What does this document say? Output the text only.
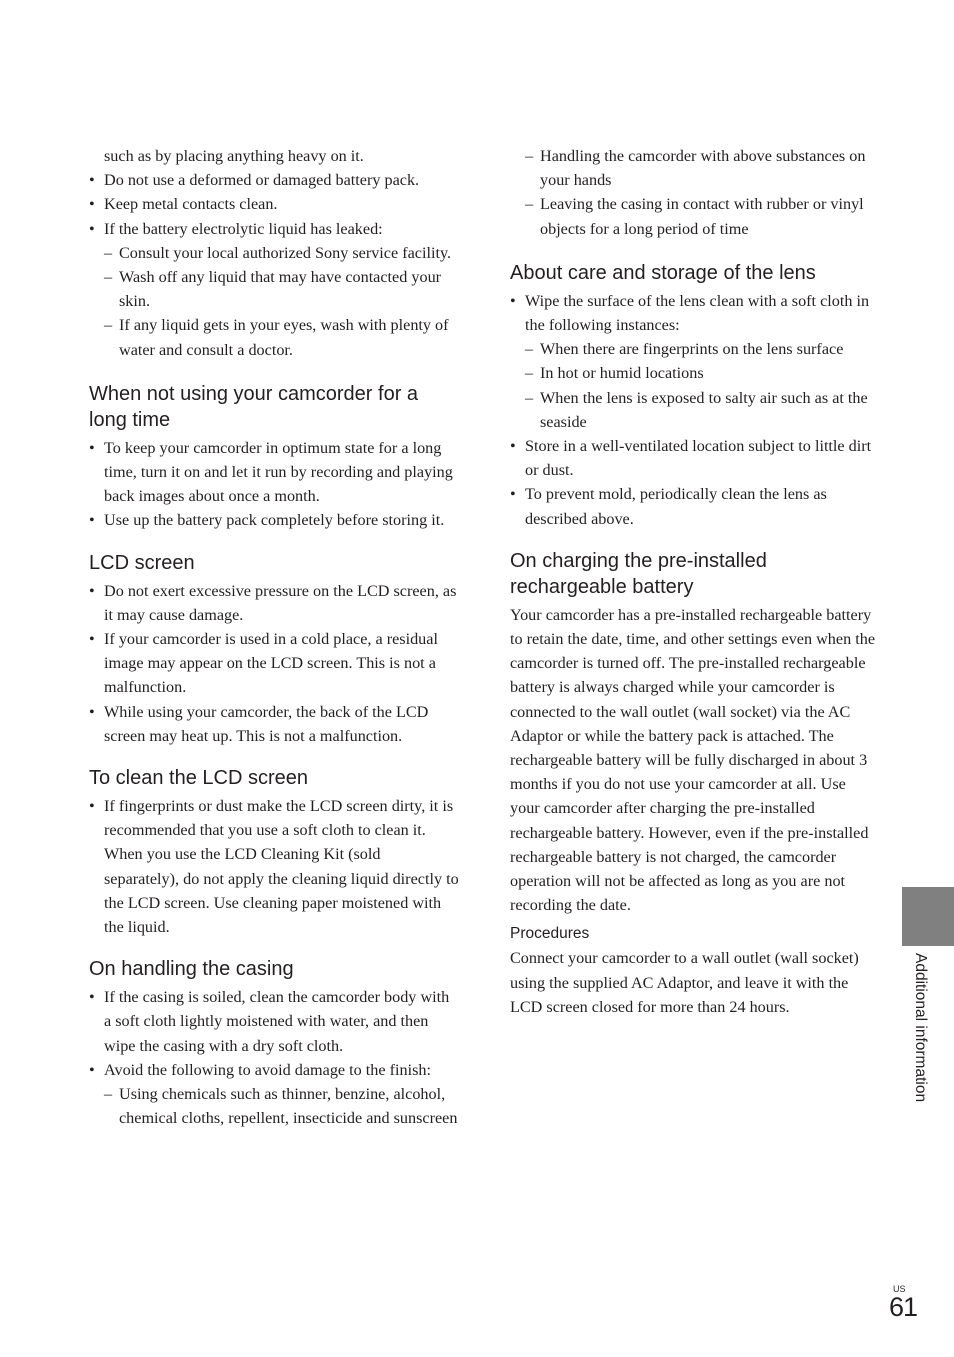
such as by placing anything heavy on it.
• Do not use a deformed or damaged battery pack.
• Keep metal contacts clean.
• If the battery electrolytic liquid has leaked:
– Consult your local authorized Sony service facility.
– Wash off any liquid that may have contacted your skin.
– If any liquid gets in your eyes, wash with plenty of water and consult a doctor.
When not using your camcorder for a long time
• To keep your camcorder in optimum state for a long time, turn it on and let it run by recording and playing back images about once a month.
• Use up the battery pack completely before storing it.
LCD screen
• Do not exert excessive pressure on the LCD screen, as it may cause damage.
• If your camcorder is used in a cold place, a residual image may appear on the LCD screen. This is not a malfunction.
• While using your camcorder, the back of the LCD screen may heat up. This is not a malfunction.
To clean the LCD screen
• If fingerprints or dust make the LCD screen dirty, it is recommended that you use a soft cloth to clean it. When you use the LCD Cleaning Kit (sold separately), do not apply the cleaning liquid directly to the LCD screen. Use cleaning paper moistened with the liquid.
On handling the casing
• If the casing is soiled, clean the camcorder body with a soft cloth lightly moistened with water, and then wipe the casing with a dry soft cloth.
• Avoid the following to avoid damage to the finish:
– Using chemicals such as thinner, benzine, alcohol, chemical cloths, repellent, insecticide and sunscreen
– Handling the camcorder with above substances on your hands
– Leaving the casing in contact with rubber or vinyl objects for a long period of time
About care and storage of the lens
• Wipe the surface of the lens clean with a soft cloth in the following instances:
– When there are fingerprints on the lens surface
– In hot or humid locations
– When the lens is exposed to salty air such as at the seaside
• Store in a well-ventilated location subject to little dirt or dust.
• To prevent mold, periodically clean the lens as described above.
On charging the pre-installed rechargeable battery

Your camcorder has a pre-installed rechargeable battery to retain the date, time, and other settings even when the camcorder is turned off. The pre-installed rechargeable battery is always charged while your camcorder is connected to the wall outlet (wall socket) via the AC Adaptor or while the battery pack is attached. The rechargeable battery will be fully discharged in about 3 months if you do not use your camcorder at all. Use your camcorder after charging the pre-installed rechargeable battery. However, even if the pre-installed rechargeable battery is not charged, the camcorder operation will not be affected as long as you are not recording the date.

Procedures

Connect your camcorder to a wall outlet (wall socket) using the supplied AC Adaptor, and leave it with the LCD screen closed for more than 24 hours.	Additional information
US
61
